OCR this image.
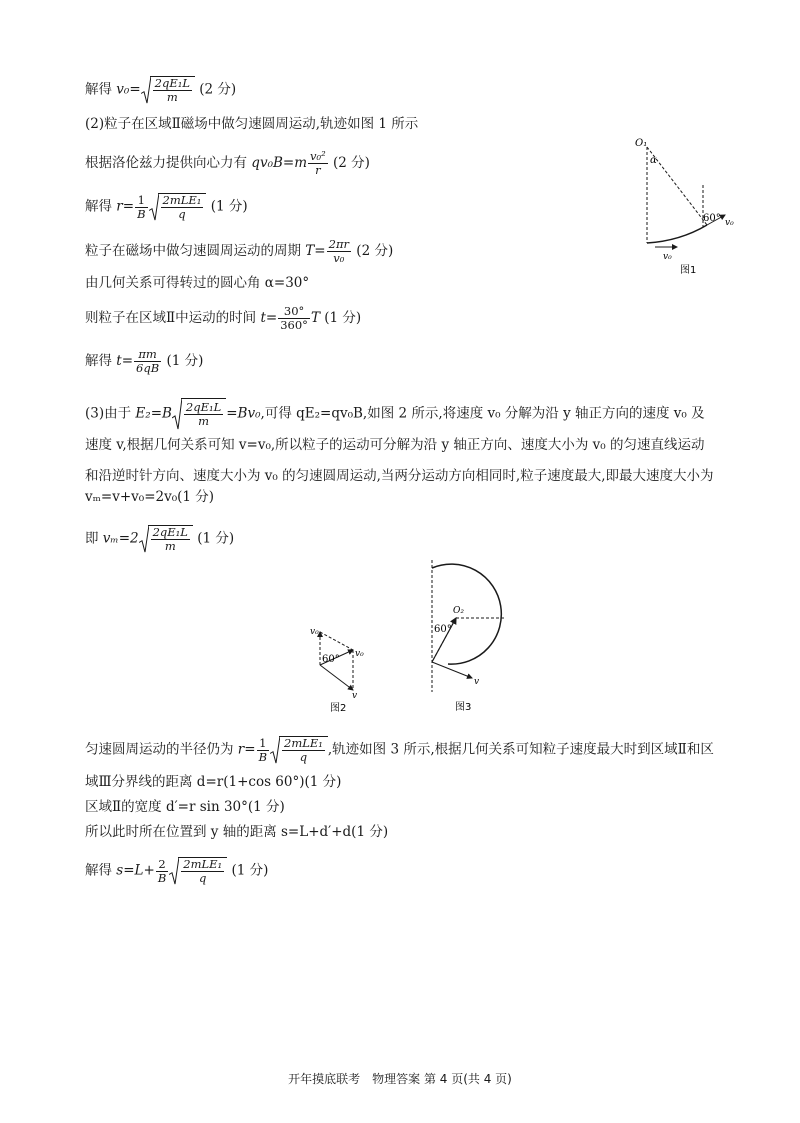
解得 $v_0= \frac{\text{2qE₁L}}{m} (2$ 分)
(2)粒子在区域Ⅱ磁场中做匀速圆周运动,轨迹如图 1 所示
根据洛伦兹力提供向心力有 $qv_0B=m \frac{\text{v₀²}}{r} (2$ 分)
解得 $r= \frac{1}{B} \frac{\text{2mLE₁}}{q} (1$ 分)
粒子在磁场中做匀速圆周运动的周期 $T= \frac{2\pi r}{\text{v₀}} (2$ 分)
由几何关系可得转过的圆心角 α=30°
则粒子在区域Ⅱ中运动的时间 $t= \frac{30^\circ}{360^\circ}$ T (1 分)
解得 $t= \frac{\pi m}{6qB} (1$ 分)
(3)由于 $E_2=B \frac{\text{2qE₁L}}{m} =Bv_0$,可得 qE₂=qv₀B,如图 2 所示,将速度 v₀ 分解为沿 y 轴正方向的速度 v₀ 及速度 v,根据几何关系可知 v=v₀,所以粒子的运动可分解为沿 y 轴正方向、速度大小为 v₀ 的匀速直线运动和沿逆时针方向、速度大小为 v₀ 的匀速圆周运动,当两分运动方向相同时,粒子速度最大,即最大速度大小为
vₘ=v+v₀=2v₀(1 分)
即 $v_m=2 \frac{\text{2qE₁L}}{m} (1$ 分)
匀速圆周运动的半径仍为 $r= \frac{1}{B} \frac{\text{2mLE₁}}{q}$ ,轨迹如图 3 所示,根据几何关系可知粒子速度最大时到区域Ⅱ和区
域Ⅲ分界线的距离 d=r(1+cos 60°)(1 分)
区域Ⅱ的宽度 d′=r sin 30°(1 分)
所以此时所在位置到 y 轴的距离 s=L+d′+d(1 分)
解得 $s=L+ \frac{2}{B} \frac{\text{2mLE₁}}{q} (1$ 分)
O₁
α
60° v₀
v₀
图1
v₀
v₀
60°
v
图2
O₂
60°
v
图3
开年摸底联考　物理答案 第 4 页(共 4 页)
